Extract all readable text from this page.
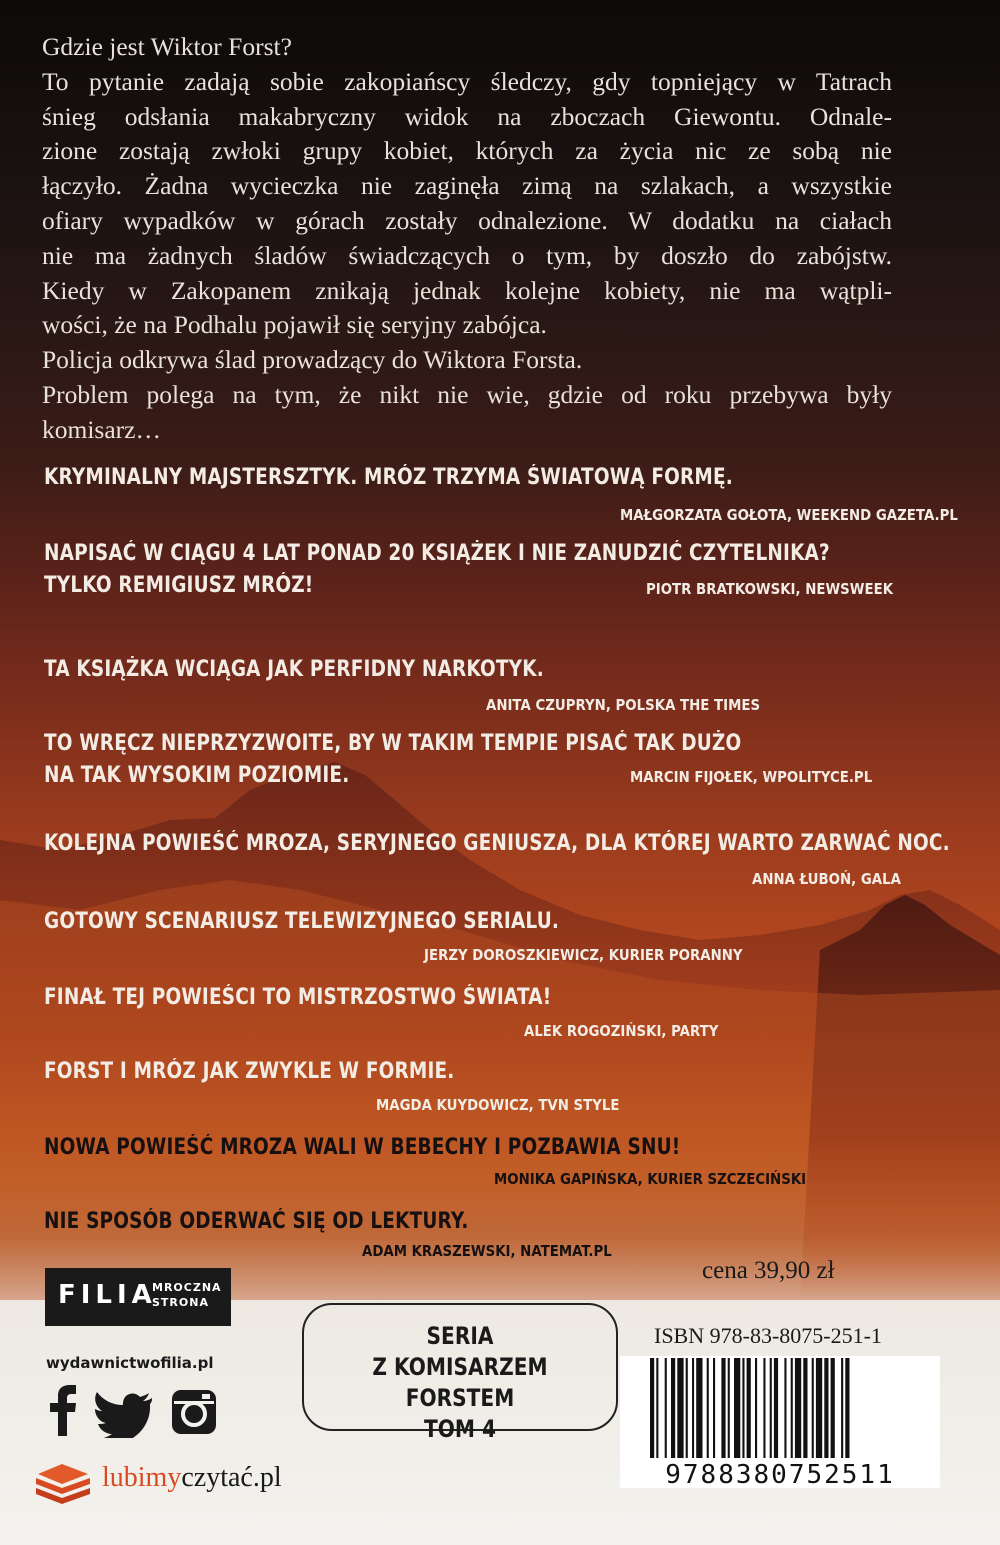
Gdzie jest Wiktor Forst?
To pytanie zadają sobie zakopiańscy śledczy, gdy topniejący w Tatrach
śnieg odsłania makabryczny widok na zboczach Giewontu. Odnale-
zione zostają zwłoki grupy kobiet, których za życia nic ze sobą nie
łączyło. Żadna wycieczka nie zaginęła zimą na szlakach, a wszystkie
ofiary wypadków w górach zostały odnalezione. W dodatku na ciałach
nie ma żadnych śladów świadczących o tym, by doszło do zabójstw.
Kiedy w Zakopanem znikają jednak kolejne kobiety, nie ma wątpli-
wości, że na Podhalu pojawił się seryjny zabójca.
Policja odkrywa ślad prowadzący do Wiktora Forsta.
Problem polega na tym, że nikt nie wie, gdzie od roku przebywa były
komisarz…
KRYMINALNY MAJSTERSZTYK. MRÓZ TRZYMA ŚWIATOWĄ FORMĘ.
MAŁGORZATA GOŁOTA, WEEKEND GAZETA.PL
NAPISAĆ W CIĄGU 4 LAT PONAD 20 KSIĄŻEK I NIE ZANUDZIĆ CZYTELNIKA?
TYLKO REMIGIUSZ MRÓZ!	PIOTR BRATKOWSKI, NEWSWEEK
TA KSIĄŻKA WCIĄGA JAK PERFIDNY NARKOTYK.
ANITA CZUPRYN, POLSKA THE TIMES
TO WRĘCZ NIEPRZYZWOITE, BY W TAKIM TEMPIE PISAĆ TAK DUŻO
NA TAK WYSOKIM POZIOMIE.	MARCIN FIJOŁEK, WPOLITYCE.PL
KOLEJNA POWIEŚĆ MROZA, SERYJNEGO GENIUSZA, DLA KTÓREJ WARTO ZARWAĆ NOC.
ANNA ŁUBOŃ, GALA
GOTOWY SCENARIUSZ TELEWIZYJNEGO SERIALU.
JERZY DOROSZKIEWICZ, KURIER PORANNY
FINAŁ TEJ POWIEŚCI TO MISTRZOSTWO ŚWIATA!
ALEK ROGOZIŃSKI, PARTY
FORST I MRÓZ JAK ZWYKLE W FORMIE.
MAGDA KUYDOWICZ, TVN STYLE
NOWA POWIEŚĆ MROZA WALI W BEBECHY I POZBAWIA SNU!
MONIKA GAPIŃSKA, KURIER SZCZECIŃSKI
NIE SPOSÓB ODERWAĆ SIĘ OD LEKTURY.
ADAM KRASZEWSKI, NATEMAT.PL
FILIA
MROCZNA
STRONA
wydawnictwofilia.pl
cena 39,90 zł
SERIA
Z KOMISARZEM FORSTEM
TOM 4
ISBN 978-83-8075-251-1
9788380752511
lubimyczytać.pl
